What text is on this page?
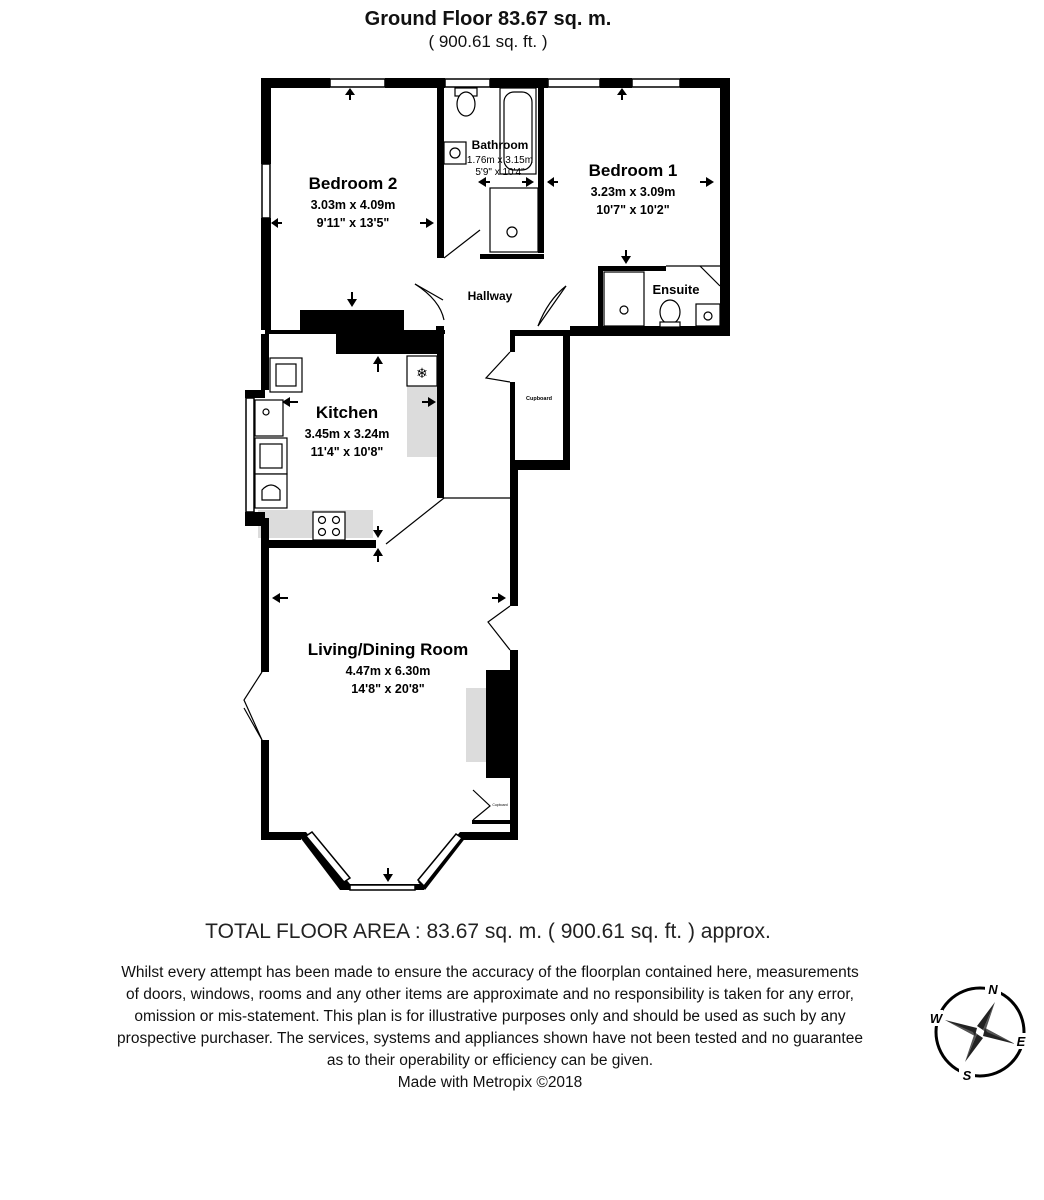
Ground Floor 83.67 sq. m.
( 900.61 sq. ft. )
❄
Bedroom 2
3.03m x 4.09m
9'11" x 13'5"
Bathroom
1.76m x 3.15m
5'9" x 10'4"	Bedroom 1
3.23m x 3.09m
10'7" x 10'2"
Ensuite
Hallway
Cupboard
Kitchen
3.45m x 3.24m
11'4" x 10'8"
Living/Dining Room
4.47m x 6.30m
14'8" x 20'8"
Cupboard
TOTAL FLOOR AREA : 83.67 sq. m. ( 900.61 sq. ft. ) approx.
Whilst every attempt has been made to ensure the accuracy of the floorplan contained here, measurements
of doors, windows, rooms and any other items are approximate and no responsibility is taken for any error,
omission or mis-statement. This plan is for illustrative purposes only and should be used as such by any
prospective purchaser. The services, systems and appliances shown have not been tested and no guarantee
as to their operability or efficiency can be given.
Made with Metropix ©2018
N
E
S
W
